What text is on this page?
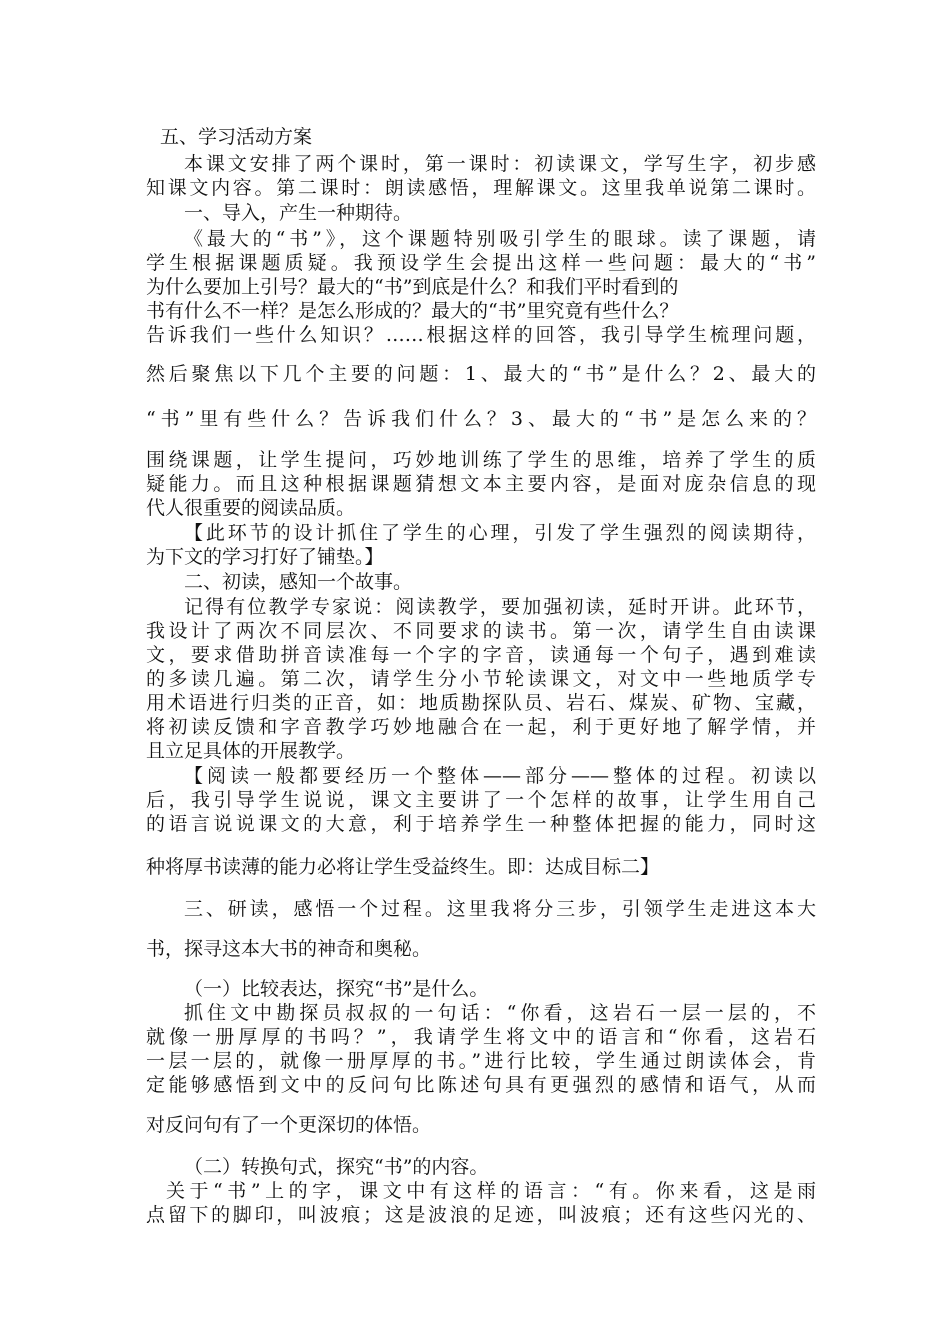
五、学习活动方案
本课文安排了两个课时，第一课时：初读课文，学写生字，初步感
知课文内容。第二课时：朗读感悟，理解课文。这里我单说第二课时。
一、导入，产生一种期待。
《最大的“书”》，这个课题特别吸引学生的眼球。读了课题，请
学生根据课题质疑。我预设学生会提出这样一些问题：最大的“书”
为什么要加上引号？最大的“书”到底是什么？和我们平时看到的
书有什么不一样？是怎么形成的？最大的“书”里究竟有些什么？
告诉我们一些什么知识？……根据这样的回答，我引导学生梳理问题，
然后聚焦以下几个主要的问题：1、最大的“书”是什么？2、最大的
“书”里有些什么？告诉我们什么？3、最大的“书”是怎么来的？
围绕课题，让学生提问，巧妙地训练了学生的思维，培养了学生的质
疑能力。而且这种根据课题猜想文本主要内容，是面对庞杂信息的现
代人很重要的阅读品质。
【此环节的设计抓住了学生的心理，引发了学生强烈的阅读期待，
为下文的学习打好了铺垫。】
二、初读，感知一个故事。
记得有位教学专家说：阅读教学，要加强初读，延时开讲。此环节，
我设计了两次不同层次、不同要求的读书。第一次，请学生自由读课
文，要求借助拼音读准每一个字的字音，读通每一个句子，遇到难读
的多读几遍。第二次，请学生分小节轮读课文，对文中一些地质学专
用术语进行归类的正音，如：地质勘探队员、岩石、煤炭、矿物、宝藏，
将初读反馈和字音教学巧妙地融合在一起，利于更好地了解学情，并
且立足具体的开展教学。
【阅读一般都要经历一个整体——部分——整体的过程。初读以
后，我引导学生说说，课文主要讲了一个怎样的故事，让学生用自己
的语言说说课文的大意，利于培养学生一种整体把握的能力，同时这
种将厚书读薄的能力必将让学生受益终生。即：达成目标二】
三、研读，感悟一个过程。这里我将分三步，引领学生走进这本大
书，探寻这本大书的神奇和奥秘。
（一）比较表达，探究“书”是什么。
抓住文中勘探员叔叔的一句话：“你看，这岩石一层一层的，不
就像一册厚厚的书吗？”，我请学生将文中的语言和“你看，这岩石
一层一层的，就像一册厚厚的书。”进行比较，学生通过朗读体会，肯
定能够感悟到文中的反问句比陈述句具有更强烈的感情和语气，从而
对反问句有了一个更深切的体悟。
（二）转换句式，探究“书”的内容。
关于“书”上的字，课文中有这样的语言：“有。你来看，这是雨
点留下的脚印，叫波痕；这是波浪的足迹，叫波痕；还有这些闪光的、
